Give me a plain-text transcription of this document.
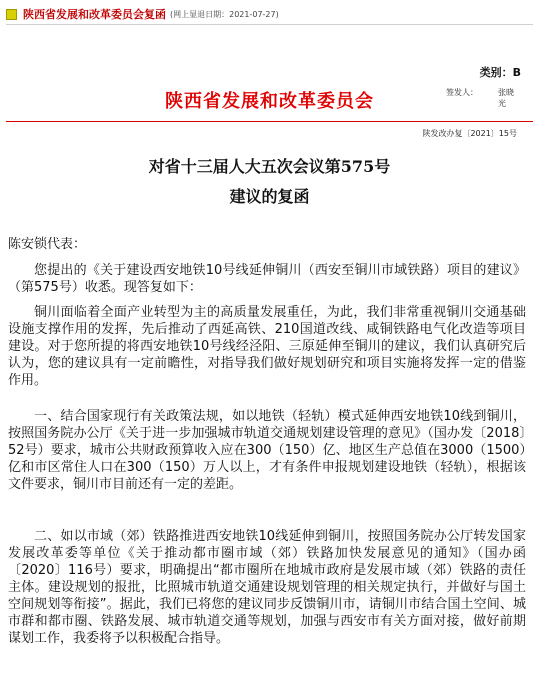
陕西省发展和改革委员会复函 (网上显退日期：2021-07-27)
类别：B
陕西省发展和改革委员会	签发人：	张晓光
陕发改办复〔2021〕15号
对省十三届人大五次会议第575号
建议的复函
陈安锁代表：

您提出的《关于建设西安地铁10号线延伸铜川（西安至铜川市域铁路）项目的建议》（第575号）收悉。现答复如下：

铜川面临着全面产业转型为主的高质量发展重任，为此，我们非常重视铜川交通基础设施支撑作用的发挥，先后推动了西延高铁、210国道改线、咸铜铁路电气化改造等项目建设。对于您所提的将西安地铁10号线经泾阳、三原延伸至铜川的建议，我们认真研究后认为，您的建议具有一定前瞻性，对指导我们做好规划研究和项目实施将发挥一定的借鉴作用。

一、结合国家现行有关政策法规，如以地铁（轻轨）模式延伸西安地铁10线到铜川，按照国务院办公厅《关于进一步加强城市轨道交通规划建设管理的意见》（国办发〔2018〕52号）要求，城市公共财政预算收入应在300（150）亿、地区生产总值在3000（1500）亿和市区常住人口在300（150）万人以上，才有条件申报规划建设地铁（轻轨），根据该文件要求，铜川市目前还有一定的差距。

二、如以市域（郊）铁路推进西安地铁10线延伸到铜川，按照国务院办公厅转发国家发展改革委等单位《关于推动都市圈市域（郊）铁路加快发展意见的通知》（国办函〔2020〕116号）要求，明确提出“都市圈所在地城市政府是发展市域（郊）铁路的责任主体。建设规划的报批，比照城市轨道交通建设规划管理的相关规定执行，并做好与国土空间规划等衔接”。据此，我们已将您的建议同步反馈铜川市，请铜川市结合国土空间、城市群和都市圈、铁路发展、城市轨道交通等规划，加强与西安市有关方面对接，做好前期谋划工作，我委将予以积极配合指导。
